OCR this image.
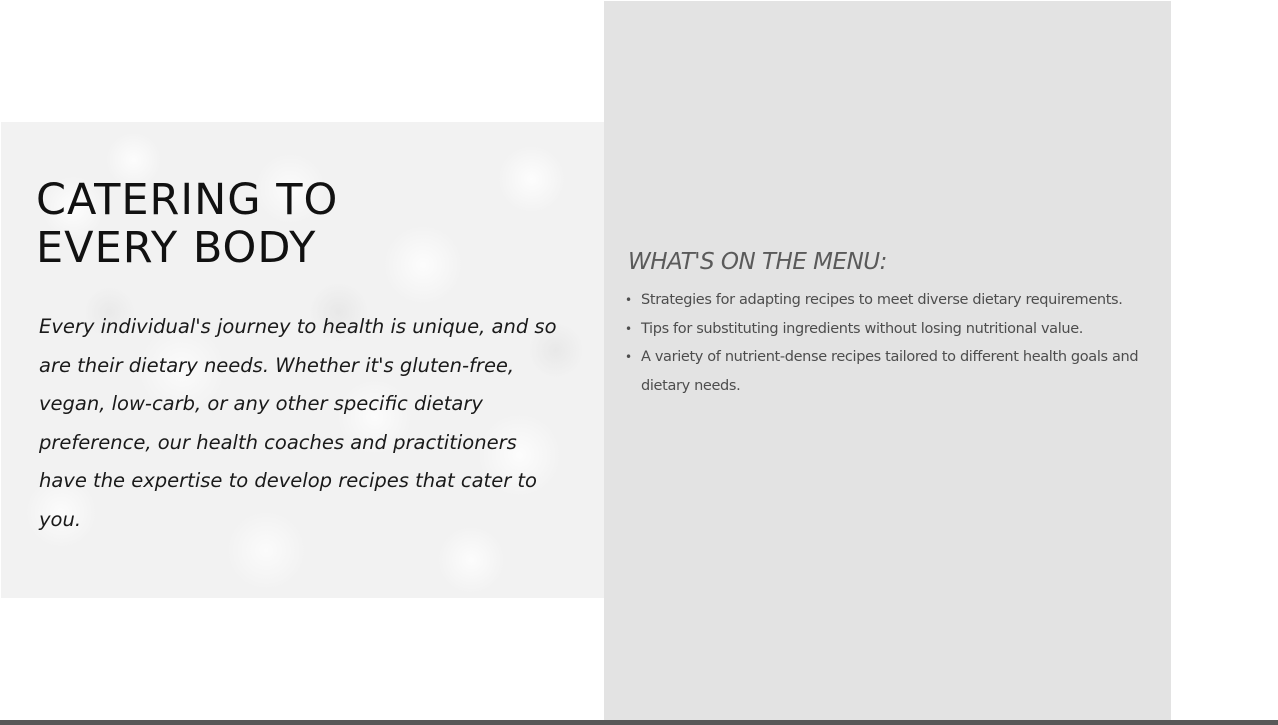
CATERING TO
EVERY BODY

Every individual's journey to health is unique, and so are their dietary needs. Whether it's gluten-free, vegan, low-carb, or any other specific dietary preference, our health coaches and practitioners have the expertise to develop recipes that cater to you.

WHAT'S ON THE MENU:
• Strategies for adapting recipes to meet diverse dietary requirements.
• Tips for substituting ingredients without losing nutritional value.
• A variety of nutrient-dense recipes tailored to different health goals and dietary needs.
